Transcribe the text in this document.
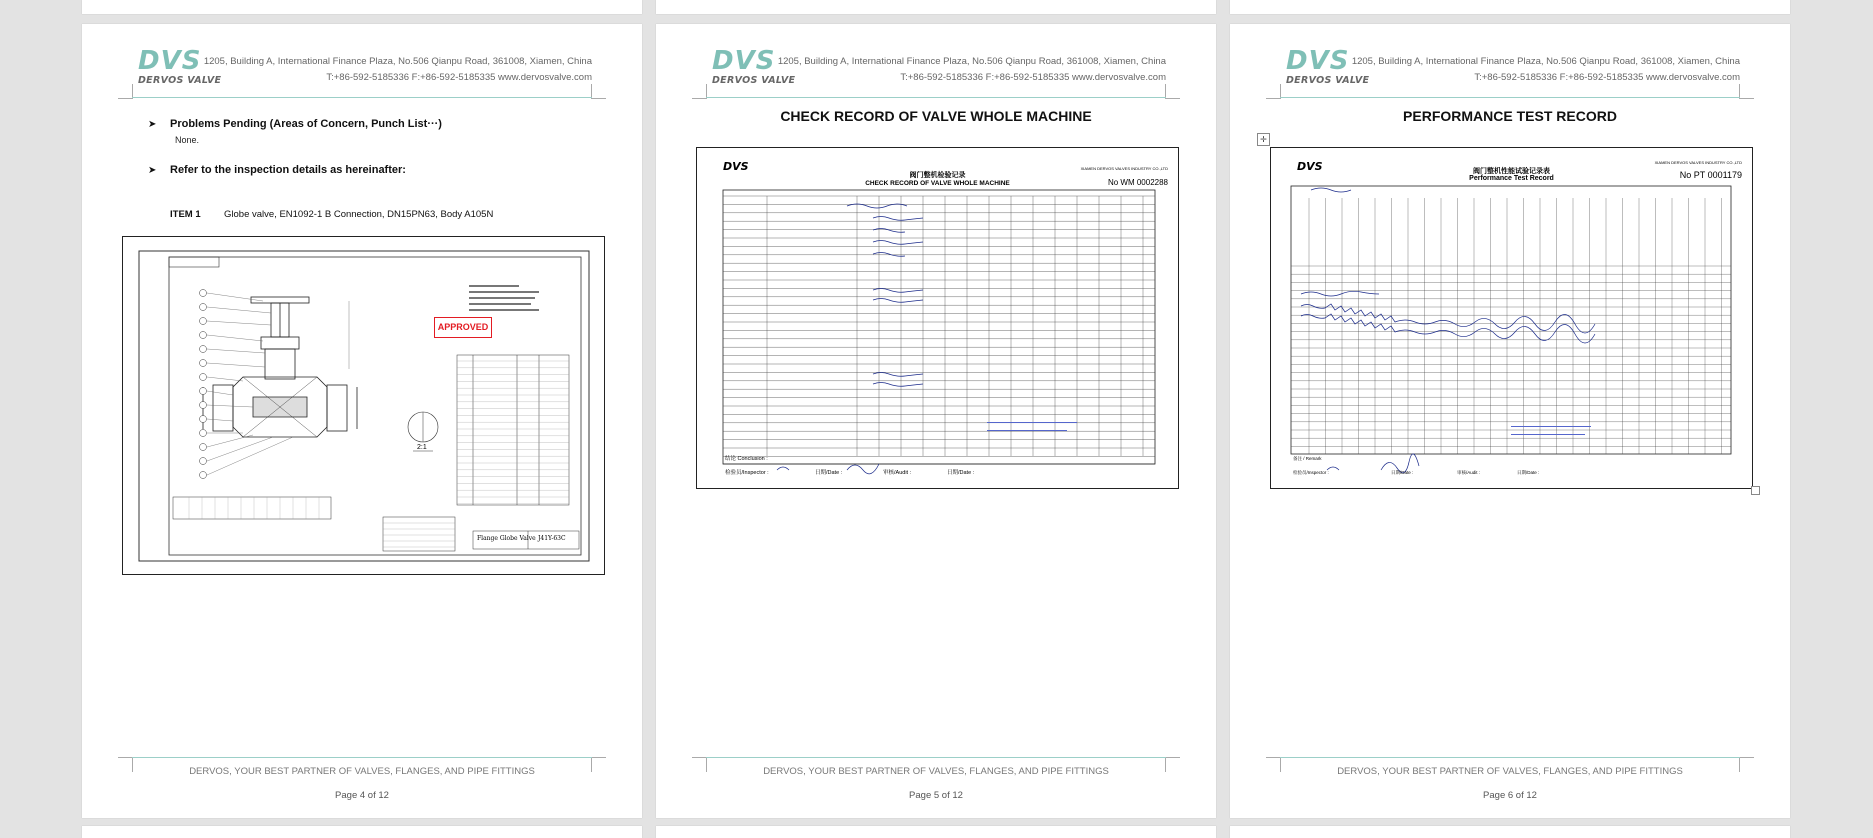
DVS
DERVOS VALVE
1205, Building A, International Finance Plaza, No.506 Qianpu Road, 361008, Xiamen, China
T:+86-592-5185336 F:+86-592-5185335 www.dervosvalve.com
➤ Problems Pending (Areas of Concern, Punch List···)
None.
➤ Refer to the inspection details as hereinafter:
ITEM 1 Globe valve, EN1092-1 B Connection, DN15PN63, Body A105N
APPROVED
Flange Globe Valve J41Y-63C
2:1
DERVOS, YOUR BEST PARTNER OF VALVES, FLANGES, AND PIPE FITTINGS
Page 4 of 12
DVS
DERVOS VALVE
1205, Building A, International Finance Plaza, No.506 Qianpu Road, 361008, Xiamen, China
T:+86-592-5185336 F:+86-592-5185335 www.dervosvalve.com
CHECK RECORD OF VALVE WHOLE MACHINE
DVS
阀门整机检验记录
CHECK RECORD OF VALVE WHOLE MACHINE	No WM 0002288
XIAMEN DERVOS VALVES INDUSTRY CO.,LTD
结论 Conclusion :
检验员/Inspector :	日期/Date :	审核/Audit :	日期/Date :
DERVOS, YOUR BEST PARTNER OF VALVES, FLANGES, AND PIPE FITTINGS
Page 5 of 12
DVS
DERVOS VALVE
1205, Building A, International Finance Plaza, No.506 Qianpu Road, 361008, Xiamen, China
T:+86-592-5185336 F:+86-592-5185335 www.dervosvalve.com
PERFORMANCE TEST RECORD
DVS	阀门整机性能试验记录表
Performance Test Record	No PT 0001179
XIAMEN DERVOS VALVES INDUSTRY CO.,LTD
备注 / Remark
检验员/Inspector :	日期/Date :	审核/Audit :	日期/Date :
DERVOS, YOUR BEST PARTNER OF VALVES, FLANGES, AND PIPE FITTINGS
Page 6 of 12
✛
